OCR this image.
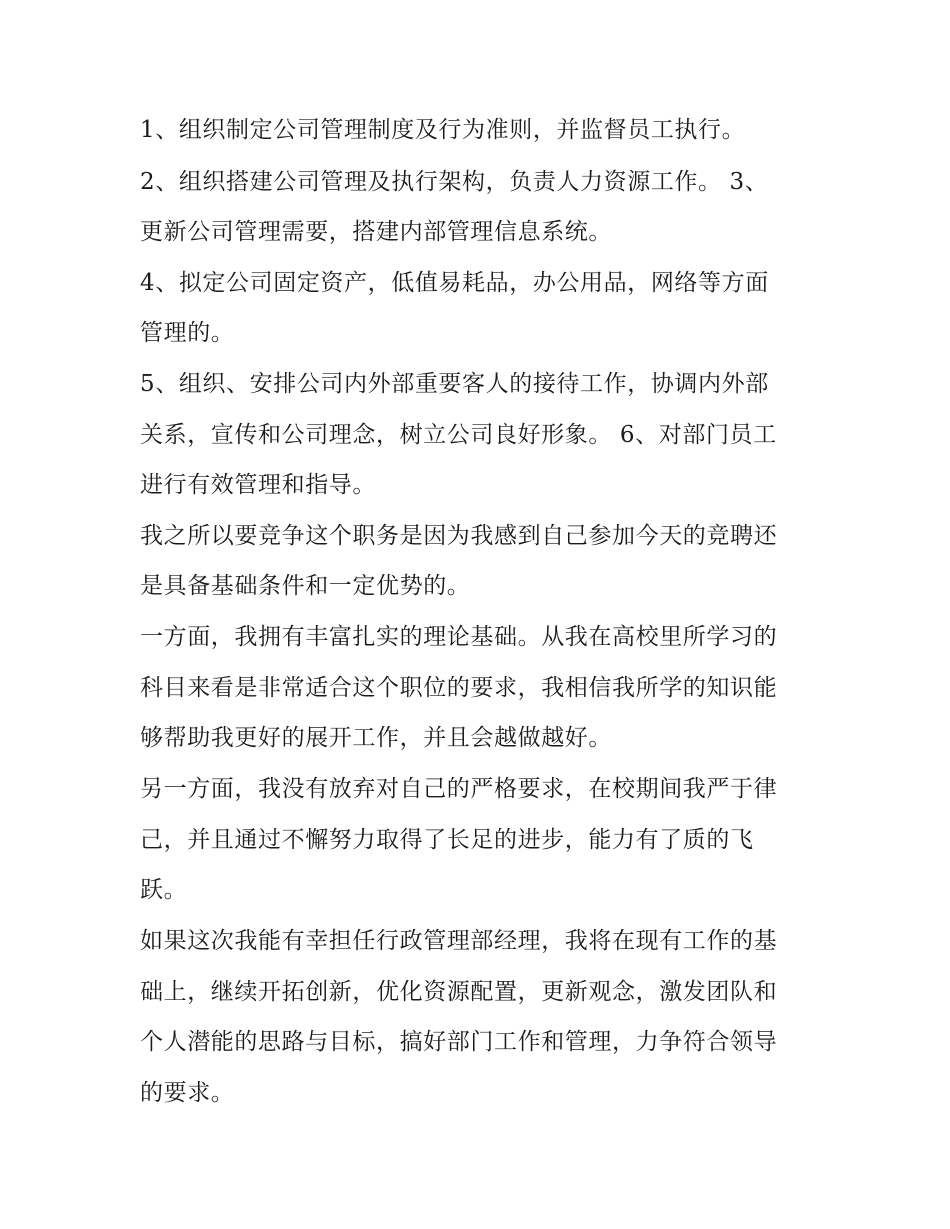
1、组织制定公司管理制度及行为准则，并监督员工执行。
2、组织搭建公司管理及执行架构，负责人力资源工作。 3、
更新公司管理需要，搭建内部管理信息系统。
4、拟定公司固定资产，低值易耗品，办公用品，网络等方面
管理的。
5、组织、安排公司内外部重要客人的接待工作，协调内外部
关系，宣传和公司理念，树立公司良好形象。 6、对部门员工
进行有效管理和指导。
我之所以要竞争这个职务是因为我感到自己参加今天的竞聘还
是具备基础条件和一定优势的。
一方面，我拥有丰富扎实的理论基础。从我在高校里所学习的
科目来看是非常适合这个职位的要求，我相信我所学的知识能
够帮助我更好的展开工作，并且会越做越好。
另一方面，我没有放弃对自己的严格要求，在校期间我严于律
己，并且通过不懈努力取得了长足的进步，能力有了质的飞
跃。
如果这次我能有幸担任行政管理部经理，我将在现有工作的基
础上，继续开拓创新，优化资源配置，更新观念，激发团队和
个人潜能的思路与目标，搞好部门工作和管理，力争符合领导
的要求。
